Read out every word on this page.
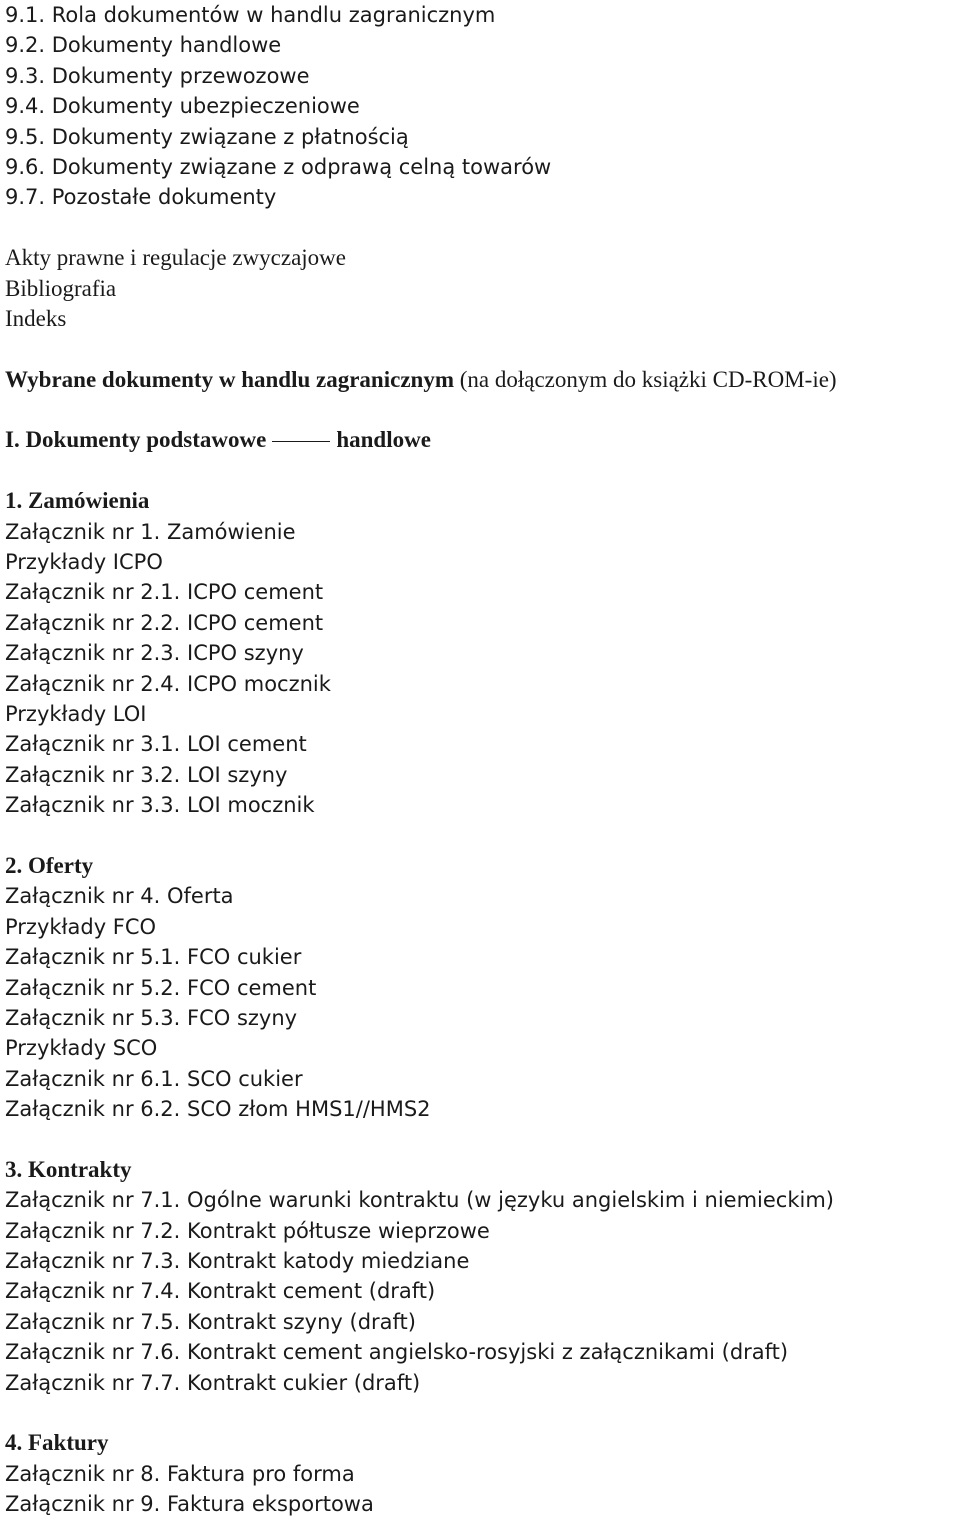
9.1. Rola dokumentów w handlu zagranicznym
9.2. Dokumenty handlowe
9.3. Dokumenty przewozowe
9.4. Dokumenty ubezpieczeniowe
9.5. Dokumenty związane z płatnością
9.6. Dokumenty związane z odprawą celną towarów
9.7. Pozostałe dokumenty
Akty prawne i regulacje zwyczajowe
Bibliografia
Indeks
Wybrane dokumenty w handlu zagranicznym (na dołączonym do książki CD-ROM-ie)
I. Dokumenty podstawowe	handlowe
1. Zamówienia
Załącznik nr 1. Zamówienie
Przykłady ICPO
Załącznik nr 2.1. ICPO cement
Załącznik nr 2.2. ICPO cement
Załącznik nr 2.3. ICPO szyny
Załącznik nr 2.4. ICPO mocznik
Przykłady LOI
Załącznik nr 3.1. LOI cement
Załącznik nr 3.2. LOI szyny
Załącznik nr 3.3. LOI mocznik
2. Oferty
Załącznik nr 4. Oferta
Przykłady FCO
Załącznik nr 5.1. FCO cukier
Załącznik nr 5.2. FCO cement
Załącznik nr 5.3. FCO szyny
Przykłady SCO
Załącznik nr 6.1. SCO cukier
Załącznik nr 6.2. SCO złom HMS1//HMS2
3. Kontrakty
Załącznik nr 7.1. Ogólne warunki kontraktu (w języku angielskim i niemieckim)
Załącznik nr 7.2. Kontrakt półtusze wieprzowe
Załącznik nr 7.3. Kontrakt katody miedziane
Załącznik nr 7.4. Kontrakt cement (draft)
Załącznik nr 7.5. Kontrakt szyny (draft)
Załącznik nr 7.6. Kontrakt cement angielsko-rosyjski z załącznikami (draft)
Załącznik nr 7.7. Kontrakt cukier (draft)
4. Faktury
Załącznik nr 8. Faktura pro forma
Załącznik nr 9. Faktura eksportowa
